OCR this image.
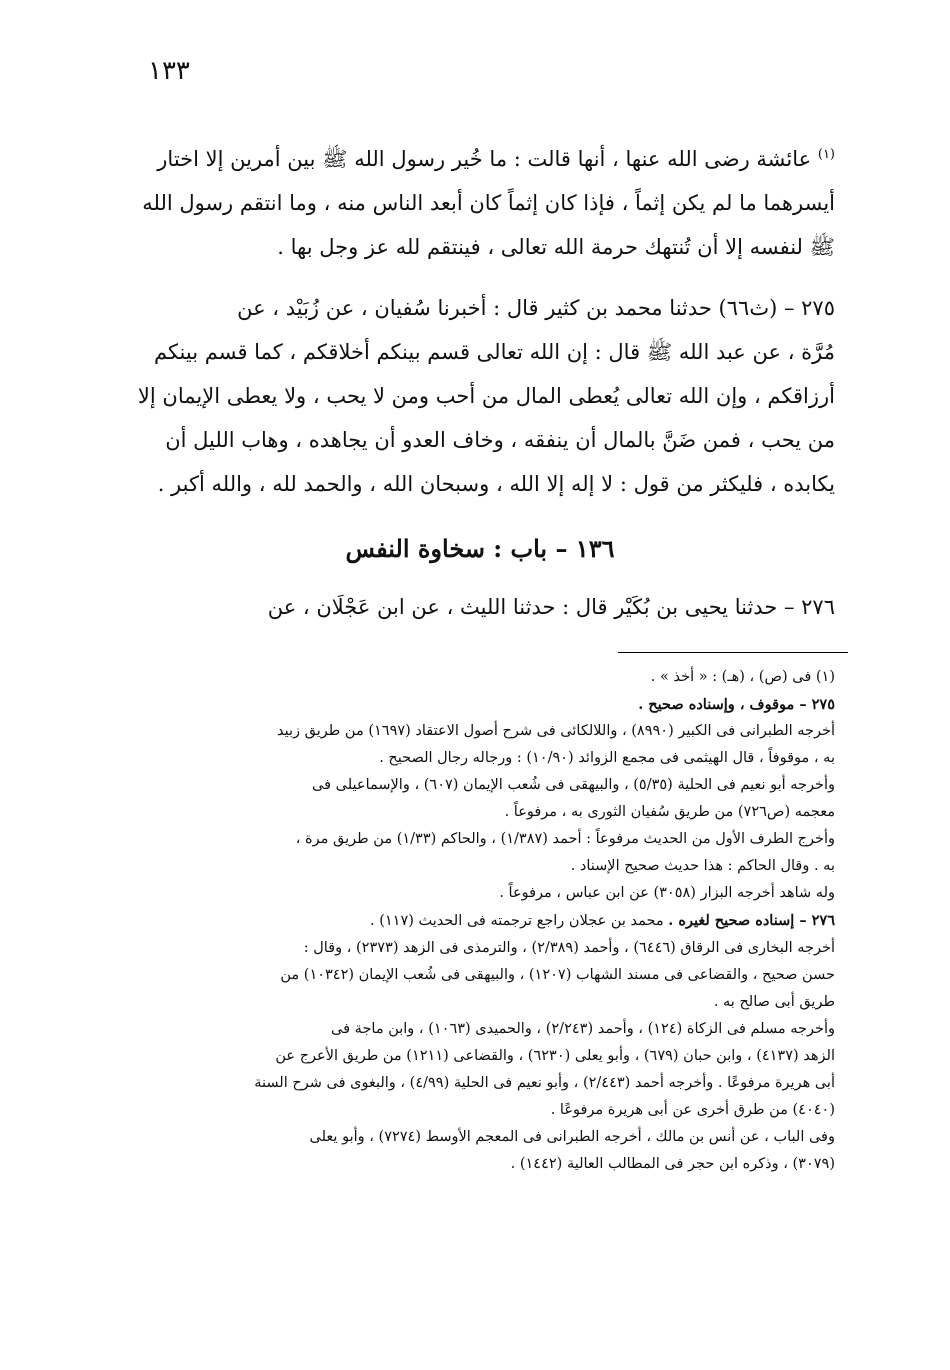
١٣٣
$^{(١)}$ عائشة رضى الله عنها ، أنها قالت : ما خُير رسول الله ﷺ بين أمرين إلا اختار
أيسرهما ما لم يكن إثماً ، فإذا كان إثماً كان أبعد الناس منه ، وما انتقم رسول الله
ﷺ لنفسه إلا أن تُنتهك حرمة الله تعالى ، فينتقم لله عز وجل بها .
٢٧٥ – (ث٦٦) حدثنا محمد بن كثير قال : أخبرنا سُفيان ، عن زُبَيْد ، عن
مُرَّة ، عن عبد الله ﷺ قال : إن الله تعالى قسم بينكم أخلاقكم ، كما قسم بينكم
أرزاقكم ، وإن الله تعالى يُعطى المال من أحب ومن لا يحب ، ولا يعطى الإيمان إلا
من يحب ، فمن ضَنَّ بالمال أن ينفقه ، وخاف العدو أن يجاهده ، وهاب الليل أن
يكابده ، فليكثر من قول : لا إله إلا الله ، وسبحان الله ، والحمد لله ، والله أكبر .
١٣٦ – باب : سخاوة النفس
٢٧٦ – حدثنا يحيى بن بُكَيْر قال : حدثنا الليث ، عن ابن عَجْلَان ، عن
(١) فى (ص) ، (هـ) : « أخذ » .
٢٧٥ – موقوف ، وإسناده صحيح .
أخرجه الطبرانى فى الكبير (٨٩٩٠) ، واللالكائى فى شرح أصول الاعتقاد (١٦٩٧) من طريق زبيد
به ، موقوفاً ، قال الهيثمى فى مجمع الزوائد (١٠/٩٠) : ورجاله رجال الصحيح .
وأخرجه أبو نعيم فى الحلية (٥/٣٥) ، والبيهقى فى شُعب الإيمان (٦٠٧) ، والإسماعيلى فى
معجمه (ص٧٢٦) من طريق سُفيان الثورى به ، مرفوعاً .
وأخرج الطرف الأول من الحديث مرفوعاً : أحمد (١/٣٨٧) ، والحاكم (١/٣٣) من طريق مرة ،
به . وقال الحاكم : هذا حديث صحيح الإسناد .
وله شاهد أخرجه البزار (٣٠٥٨) عن ابن عباس ، مرفوعاً .
٢٧٦ – إسناده صحيح لغيره . محمد بن عجلان راجع ترجمته فى الحديث (١١٧) .
أخرجه البخارى فى الرقاق (٦٤٤٦) ، وأحمد (٢/٣٨٩) ، والترمذى فى الزهد (٢٣٧٣) ، وقال :
حسن صحيح ، والقضاعى فى مسند الشهاب (١٢٠٧) ، والبيهقى فى شُعب الإيمان (١٠٣٤٢) من
طريق أبى صالح به .
وأخرجه مسلم فى الزكاة (١٢٤) ، وأحمد (٢/٢٤٣) ، والحميدى (١٠٦٣) ، وابن ماجة فى
الزهد (٤١٣٧) ، وابن حبان (٦٧٩) ، وأبو يعلى (٦٢٣٠) ، والقضاعى (١٢١١) من طريق الأعرج عن
أبى هريرة مرفوعًا . وأخرجه أحمد (٢/٤٤٣) ، وأبو نعيم فى الحلية (٤/٩٩) ، والبغوى فى شرح السنة
(٤٠٤٠) من طرق أخرى عن أبى هريرة مرفوعًا .
وفى الباب ، عن أنس بن مالك ، أخرجه الطبرانى فى المعجم الأوسط (٧٢٧٤) ، وأبو يعلى
(٣٠٧٩) ، وذكره ابن حجر فى المطالب العالية (١٤٤٢) .
